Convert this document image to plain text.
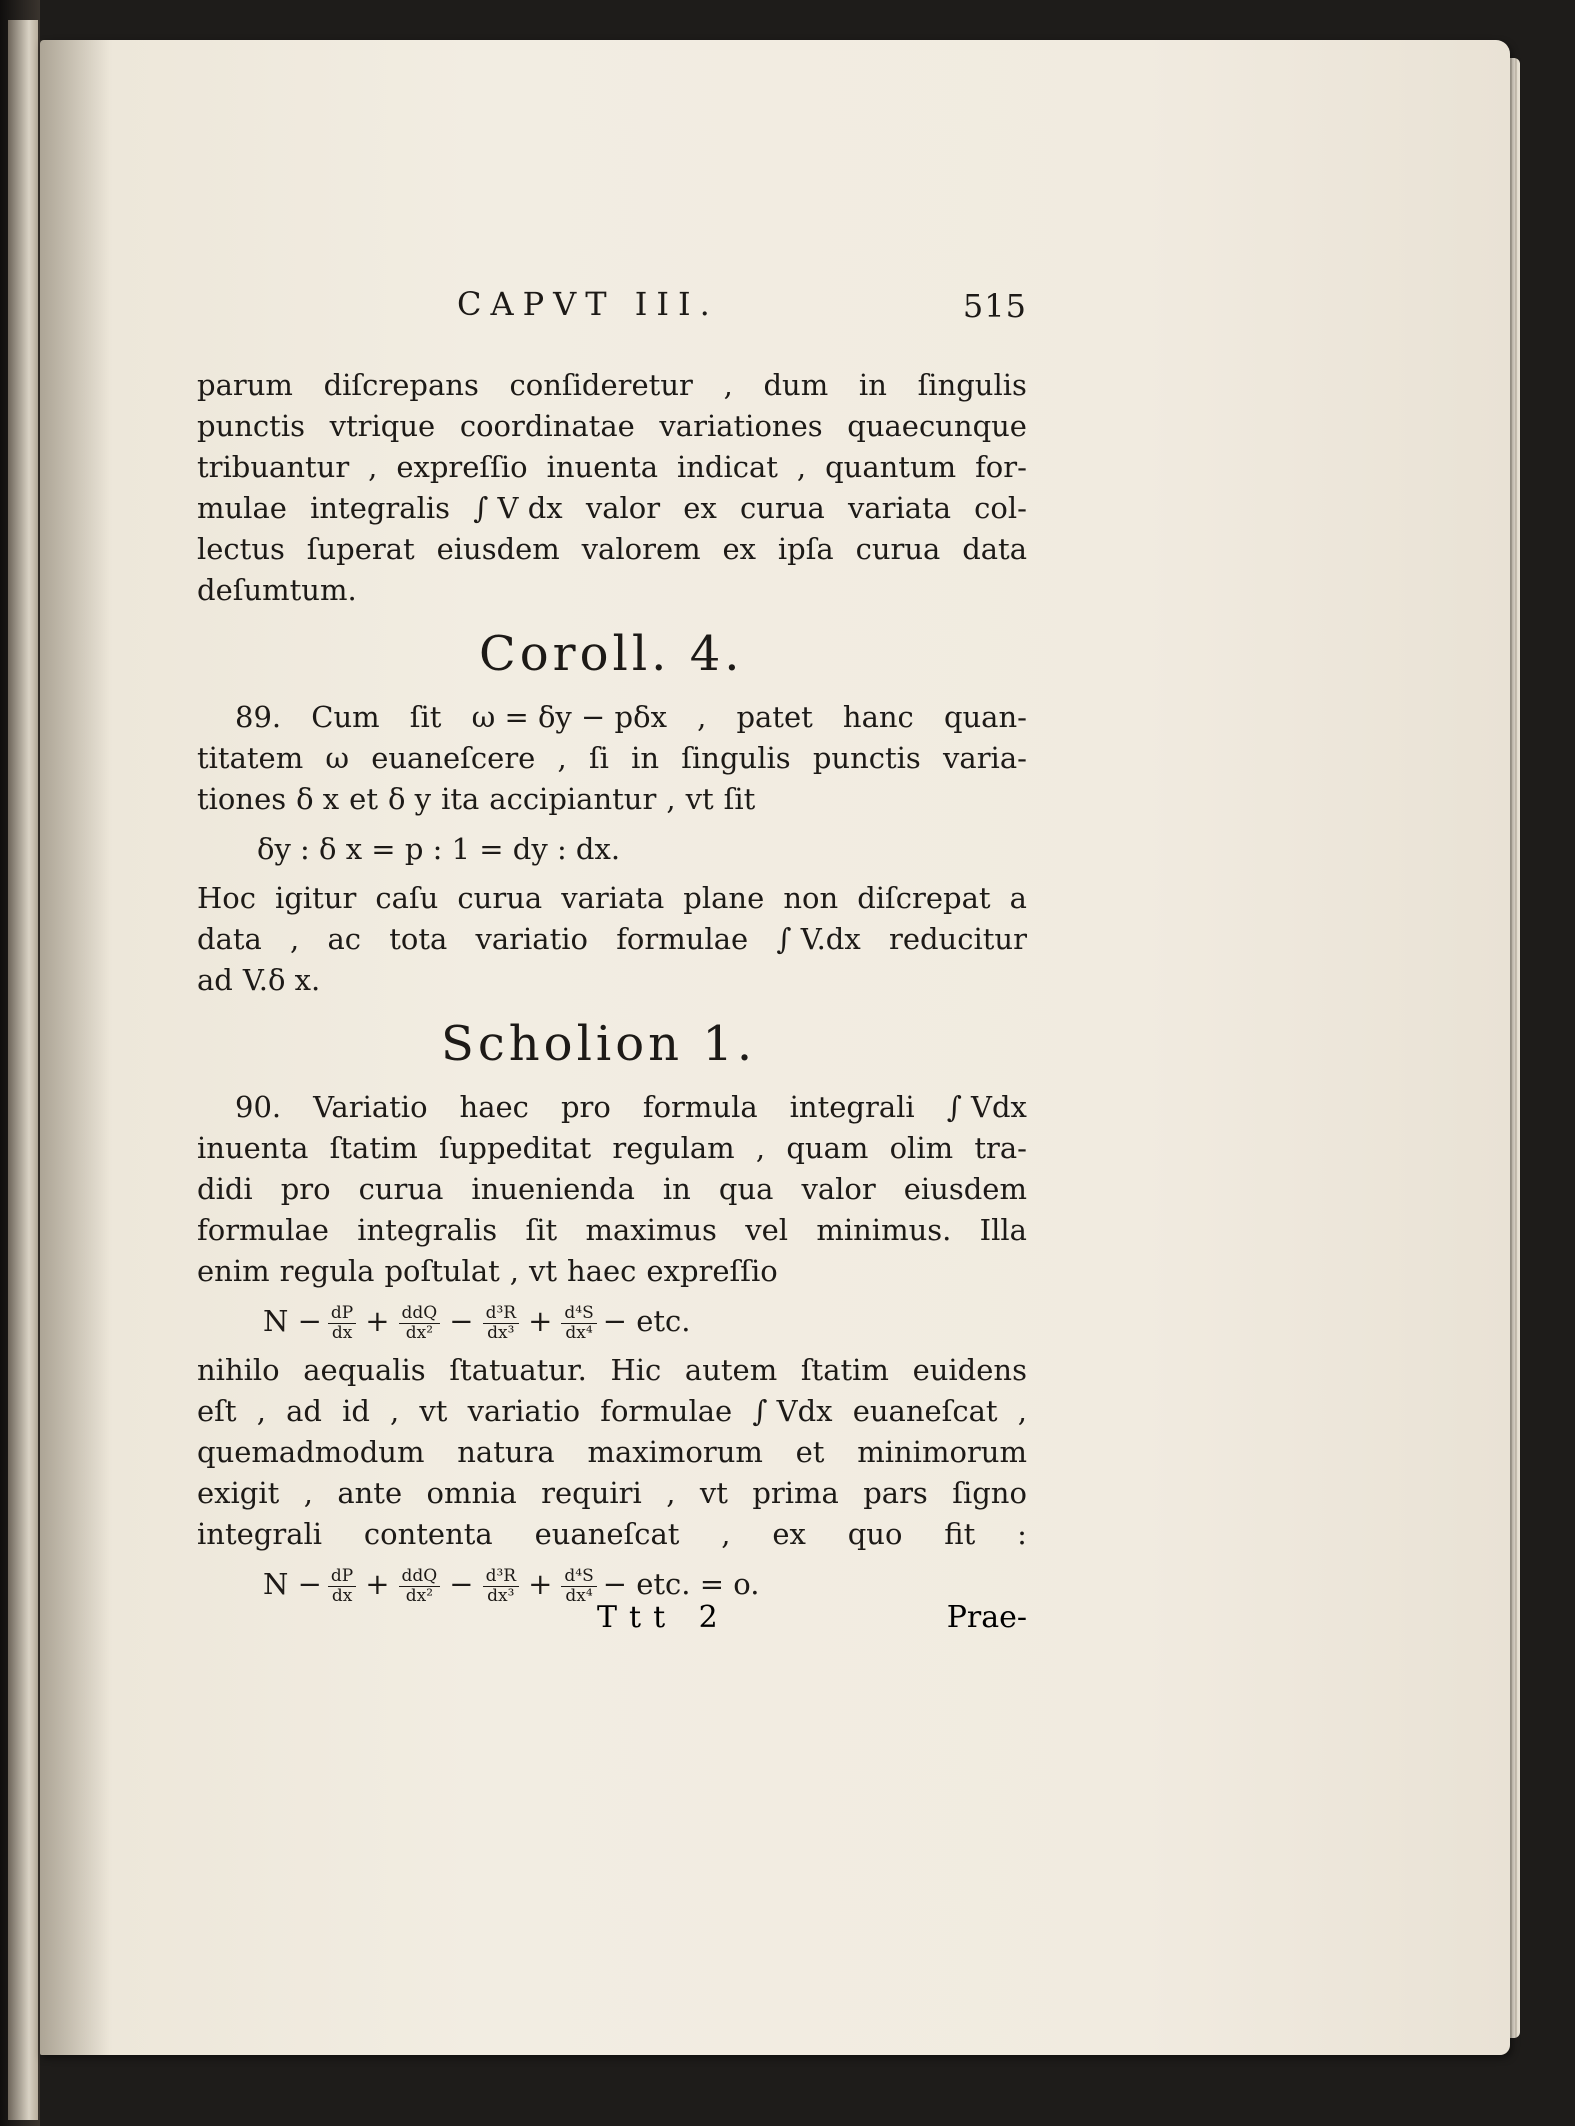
CAPVT III.	515
parum diſcrepans conſideretur , dum in ſingulis
punctis vtrique coordinatae variationes quaecunque
tribuantur , expreſſio inuenta indicat , quantum for-
mulae integralis ∫ V dx valor ex curua variata col-
lectus ſuperat eiusdem valorem ex ipſa curua data
deſumtum.
Coroll. 4.
89. Cum ſit ω = δy − pδx , patet hanc quan-
titatem ω euaneſcere , ſi in ſingulis punctis varia-
tiones δ x et δ y ita accipiantur , vt ſit
δy : δ x = p : 1 = dy : dx.
Hoc igitur caſu curua variata plane non diſcrepat a
data , ac tota variatio formulae ∫ V.dx reducitur
ad V.δ x.
Scholion 1.
90. Variatio haec pro formula integrali ∫ Vdx
inuenta ſtatim ſuppeditat regulam , quam olim tra-
didi pro curua inuenienda in qua valor eiusdem
formulae integralis ſit maximus vel minimus. Illa
enim regula poſtulat , vt haec expreſſio
$N - \frac{dP}{dx} + \frac{\text{ddQ}}{\text{dx²}} - \frac{\text{d³R}}{\text{dx³}} + \frac{\text{d⁴S}}{\text{dx⁴}}$ − etc.
nihilo aequalis ſtatuatur. Hic autem ſtatim euidens
eſt , ad id , vt variatio formulae ∫ Vdx euaneſcat ,
quemadmodum natura maximorum et minimorum
exigit , ante omnia requiri , vt prima pars ſigno
integrali contenta euaneſcat , ex quo fit :
$N - \frac{dP}{dx} + \frac{\text{ddQ}}{\text{dx²}} - \frac{\text{d³R}}{\text{dx³}} + \frac{\text{d⁴S}}{\text{dx⁴}}$ − etc. = o.
Ttt 2	Prae-
